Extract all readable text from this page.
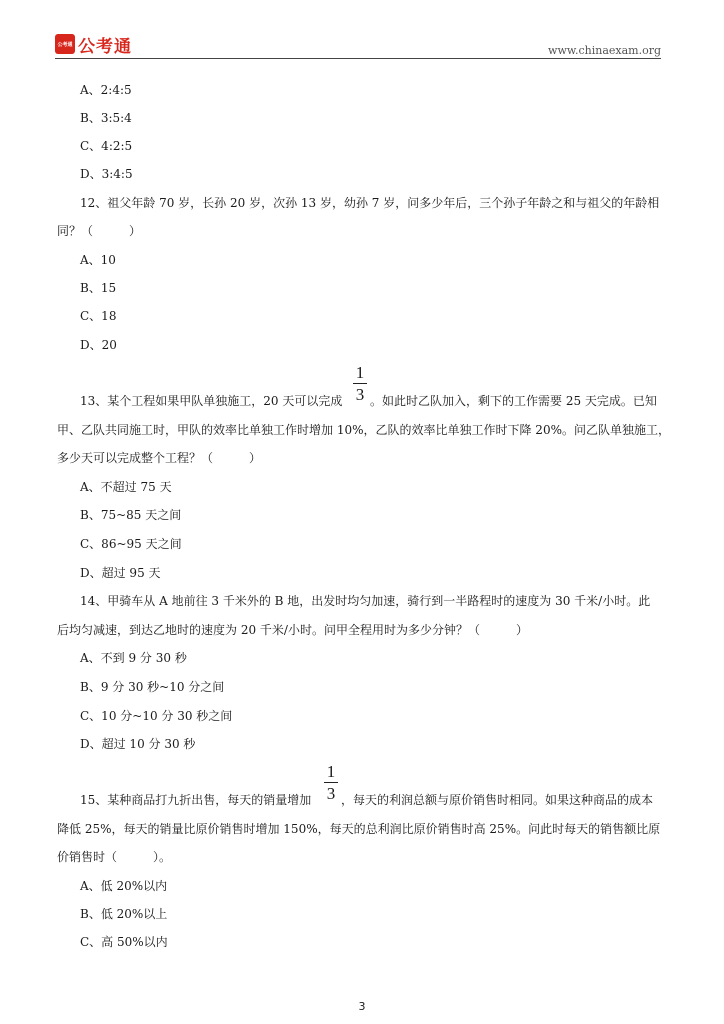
公考通 公考通	www.chinaexam.org
A、2:4:5
B、3:5:4
C、4:2:5
D、3:4:5
12、祖父年龄 70 岁，长孙 20 岁，次孙 13 岁，幼孙 7 岁，问多少年后，三个孙子年龄之和与祖父的年龄相
同？（　　　）
A、10
B、15
C、18
D、20
1
3
13、某个工程如果甲队单独施工，20 天可以完成 。如此时乙队加入，剩下的工作需要 25 天完成。已知
甲、乙队共同施工时，甲队的效率比单独工作时增加 10%，乙队的效率比单独工作时下降 20%。问乙队单独施工，
多少天可以完成整个工程？（　　　）
A、不超过 75 天
B、75~85 天之间
C、86~95 天之间
D、超过 95 天
14、甲骑车从 A 地前往 3 千米外的 B 地，出发时均匀加速，骑行到一半路程时的速度为 30 千米/小时。此
后均匀减速，到达乙地时的速度为 20 千米/小时。问甲全程用时为多少分钟？（　　　）
A、不到 9 分 30 秒
B、9 分 30 秒~10 分之间
C、10 分~10 分 30 秒之间
D、超过 10 分 30 秒
1
3
15、某种商品打九折出售，每天的销量增加 ，每天的利润总额与原价销售时相同。如果这种商品的成本
降低 25%，每天的销量比原价销售时增加 150%，每天的总利润比原价销售时高 25%。问此时每天的销售额比原
价销售时（　　　）。
A、低 20%以内
B、低 20%以上
C、高 50%以内
3
